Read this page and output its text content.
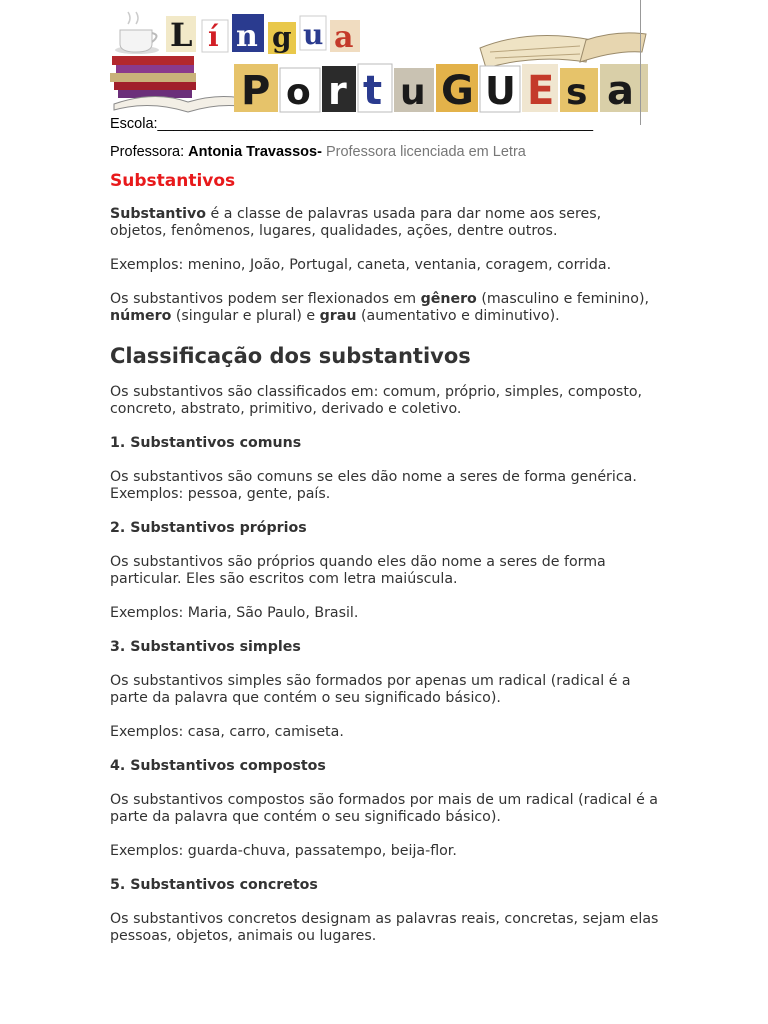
L í n g u a
P o r t u G U E s a
Escola:______________________________________________________
Professora: Antonia Travassos- Professora licenciada em Letra
Substantivos

Substantivo é a classe de palavras usada para dar nome aos seres, objetos, fenômenos, lugares, qualidades, ações, dentre outros.

Exemplos: menino, João, Portugal, caneta, ventania, coragem, corrida.

Os substantivos podem ser flexionados em gênero (masculino e feminino), número (singular e plural) e grau (aumentativo e diminutivo).

Classificação dos substantivos

Os substantivos são classificados em: comum, próprio, simples, composto, concreto, abstrato, primitivo, derivado e coletivo.

1. Substantivos comuns

Os substantivos são comuns se eles dão nome a seres de forma genérica.

Exemplos: pessoa, gente, país.

2. Substantivos próprios

Os substantivos são próprios quando eles dão nome a seres de forma particular. Eles são escritos com letra maiúscula.

Exemplos: Maria, São Paulo, Brasil.

3. Substantivos simples

Os substantivos simples são formados por apenas um radical (radical é a parte da palavra que contém o seu significado básico).

Exemplos: casa, carro, camiseta.

4. Substantivos compostos

Os substantivos compostos são formados por mais de um radical (radical é a parte da palavra que contém o seu significado básico).

Exemplos: guarda-chuva, passatempo, beija-flor.

5. Substantivos concretos

Os substantivos concretos designam as palavras reais, concretas, sejam elas pessoas, objetos, animais ou lugares.
